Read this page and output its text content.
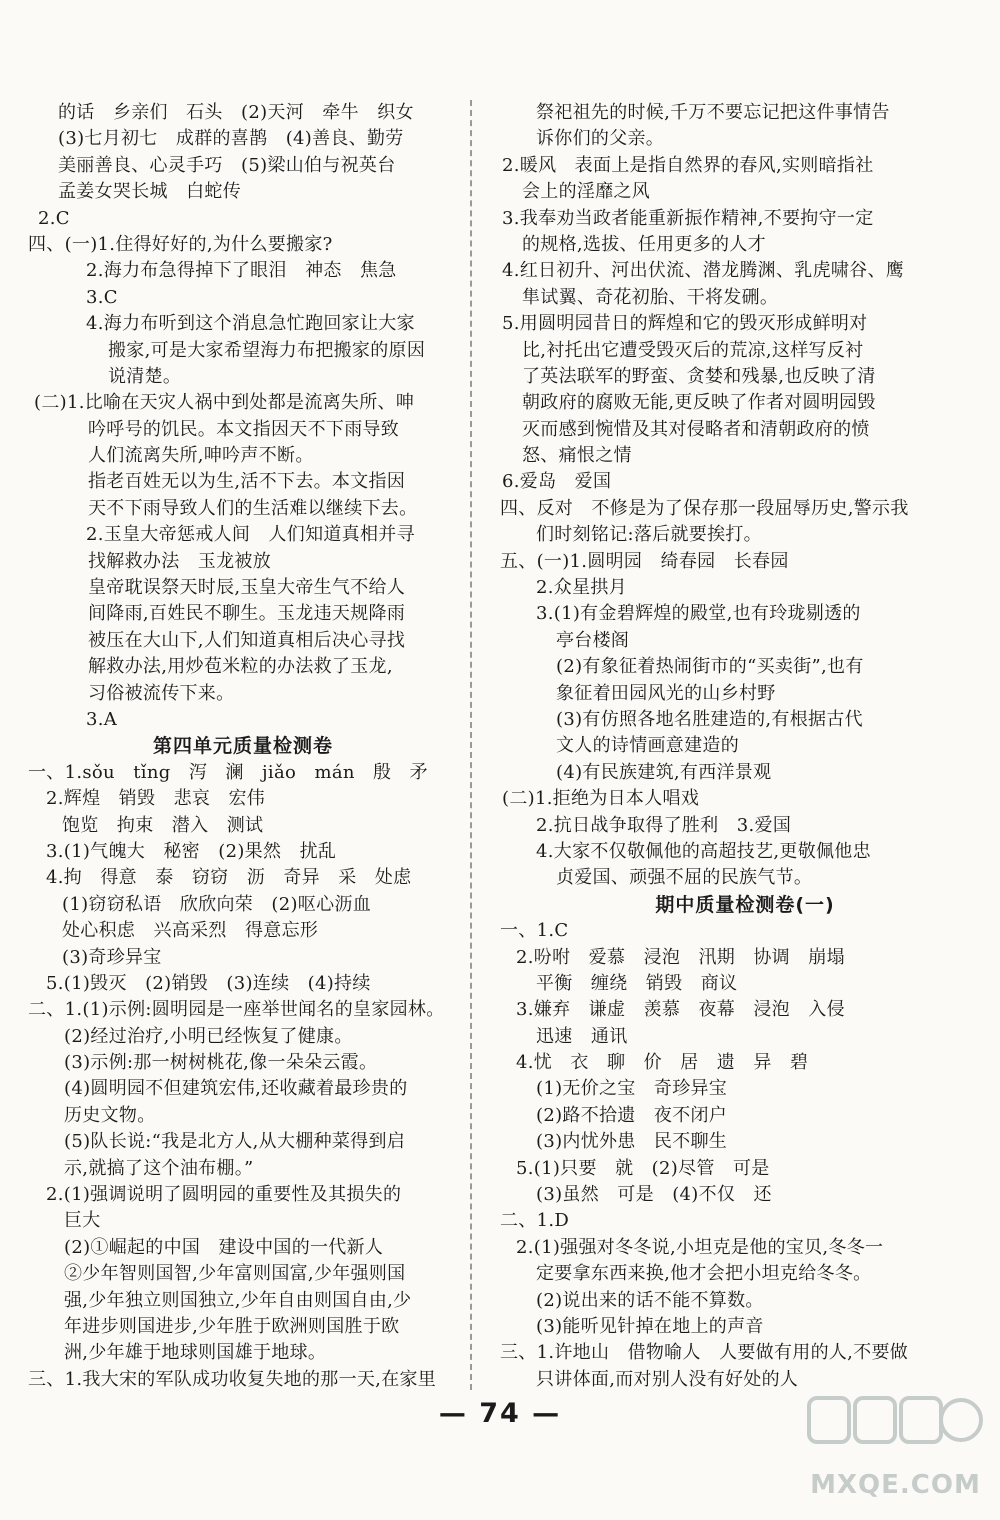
的话　乡亲们　石头　(2)天河　牵牛　织女
(3)七月初七　成群的喜鹊　(4)善良、勤劳
美丽善良、心灵手巧　(5)梁山伯与祝英台
孟姜女哭长城　白蛇传
2.C
四、(一)1.住得好好的,为什么要搬家?
2.海力布急得掉下了眼泪　神态　焦急
3.C
4.海力布听到这个消息急忙跑回家让大家
搬家,可是大家希望海力布把搬家的原因
说清楚。
(二)1.比喻在天灾人祸中到处都是流离失所、呻
吟呼号的饥民。本文指因天不下雨导致
人们流离失所,呻吟声不断。
指老百姓无以为生,活不下去。本文指因
天不下雨导致人们的生活难以继续下去。
2.玉皇大帝惩戒人间　人们知道真相并寻
找解救办法　玉龙被放
皇帝耽误祭天时辰,玉皇大帝生气不给人
间降雨,百姓民不聊生。玉龙违天规降雨
被压在大山下,人们知道真相后决心寻找
解救办法,用炒苞米粒的办法救了玉龙,
习俗被流传下来。
3.A
第四单元质量检测卷
一、1.sǒu　tǐng　泻　澜　jiǎo　mán　殷　矛
2.辉煌　销毁　悲哀　宏伟
饱览　拘束　潜入　测试
3.(1)气魄大　秘密　(2)果然　扰乱
4.拘　得意　泰　窃窃　沥　奇异　采　处虑
(1)窃窃私语　欣欣向荣　(2)呕心沥血
处心积虑　兴高采烈　得意忘形
(3)奇珍异宝
5.(1)毁灭　(2)销毁　(3)连续　(4)持续
二、1.(1)示例:圆明园是一座举世闻名的皇家园林。
(2)经过治疗,小明已经恢复了健康。
(3)示例:那一树树桃花,像一朵朵云霞。
(4)圆明园不但建筑宏伟,还收藏着最珍贵的
历史文物。
(5)队长说:“我是北方人,从大棚种菜得到启
示,就搞了这个油布棚。”
2.(1)强调说明了圆明园的重要性及其损失的
巨大
(2)①崛起的中国　建设中国的一代新人
②少年智则国智,少年富则国富,少年强则国
强,少年独立则国独立,少年自由则国自由,少
年进步则国进步,少年胜于欧洲则国胜于欧
洲,少年雄于地球则国雄于地球。
三、1.我大宋的军队成功收复失地的那一天,在家里
祭祀祖先的时候,千万不要忘记把这件事情告
诉你们的父亲。
2.暖风　表面上是指自然界的春风,实则暗指社
会上的淫靡之风
3.我奉劝当政者能重新振作精神,不要拘守一定
的规格,选拔、任用更多的人才
4.红日初升、河出伏流、潜龙腾渊、乳虎啸谷、鹰
隼试翼、奇花初胎、干将发硎。
5.用圆明园昔日的辉煌和它的毁灭形成鲜明对
比,衬托出它遭受毁灭后的荒凉,这样写反衬
了英法联军的野蛮、贪婪和残暴,也反映了清
朝政府的腐败无能,更反映了作者对圆明园毁
灭而感到惋惜及其对侵略者和清朝政府的愤
怒、痛恨之情
6.爱岛　爱国
四、反对　不修是为了保存那一段屈辱历史,警示我
们时刻铭记:落后就要挨打。
五、(一)1.圆明园　绮春园　长春园
2.众星拱月
3.(1)有金碧辉煌的殿堂,也有玲珑剔透的
亭台楼阁
(2)有象征着热闹街市的“买卖街”,也有
象征着田园风光的山乡村野
(3)有仿照各地名胜建造的,有根据古代
文人的诗情画意建造的
(4)有民族建筑,有西洋景观
(二)1.拒绝为日本人唱戏
2.抗日战争取得了胜利　3.爱国
4.大家不仅敬佩他的高超技艺,更敬佩他忠
贞爱国、顽强不屈的民族气节。
期中质量检测卷(一)
一、1.C
2.吩咐　爱慕　浸泡　汛期　协调　崩塌
平衡　缠绕　销毁　商议
3.嫌弃　谦虚　羡慕　夜幕　浸泡　入侵
迅速　通讯
4.忧　衣　聊　价　居　遗　异　碧
(1)无价之宝　奇珍异宝
(2)路不拾遗　夜不闭户
(3)内忧外患　民不聊生
5.(1)只要　就　(2)尽管　可是
(3)虽然　可是　(4)不仅　还
二、1.D
2.(1)强强对冬冬说,小坦克是他的宝贝,冬冬一
定要拿东西来换,他才会把小坦克给冬冬。
(2)说出来的话不能不算数。
(3)能听见针掉在地上的声音
三、1.许地山　借物喻人　人要做有用的人,不要做
只讲体面,而对别人没有好处的人
— 74 —
MXQE.COM
